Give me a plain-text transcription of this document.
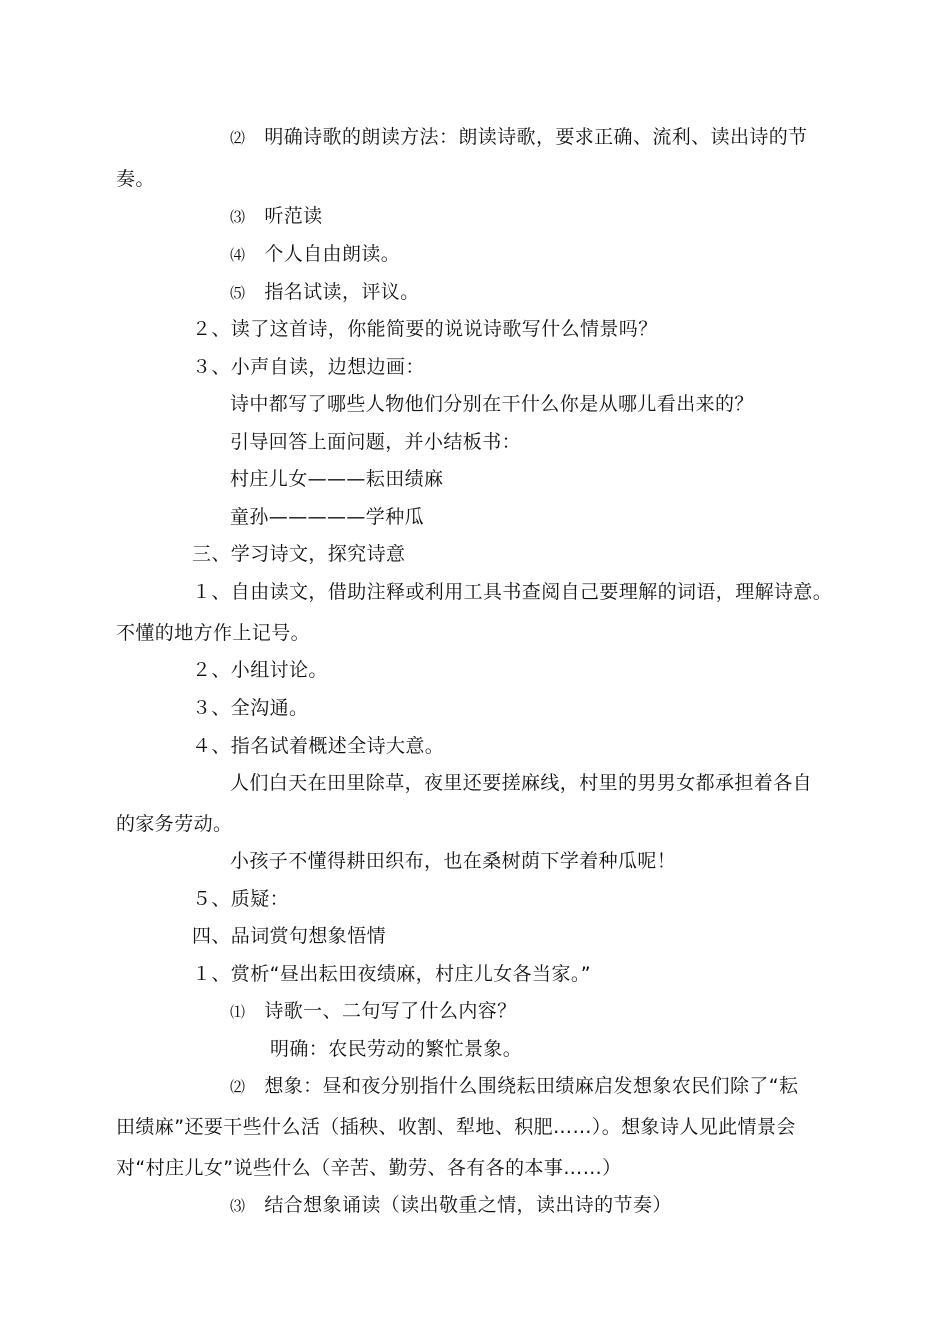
⑵ 明确诗歌的朗读方法：朗读诗歌，要求正确、流利、读出诗的节
奏。
⑶ 听范读
⑷ 个人自由朗读。
⑸ 指名试读，评议。
２、读了这首诗，你能简要的说说诗歌写什么情景吗？
３、小声自读，边想边画：
诗中都写了哪些人物他们分别在干什么你是从哪儿看出来的？
引导回答上面问题，并小结板书：
村庄儿女———耘田绩麻
童孙—————学种瓜
三、学习诗文，探究诗意
１、自由读文，借助注释或利用工具书查阅自己要理解的词语，理解诗意。
不懂的地方作上记号。
２、小组讨论。
３、全沟通。
４、指名试着概述全诗大意。
人们白天在田里除草，夜里还要搓麻线，村里的男男女都承担着各自
的家务劳动。
小孩子不懂得耕田织布，也在桑树荫下学着种瓜呢！
５、质疑：
四、品词赏句想象悟情
１、赏析“昼出耘田夜绩麻，村庄儿女各当家。”
⑴ 诗歌一、二句写了什么内容？
明确：农民劳动的繁忙景象。
⑵ 想象：昼和夜分别指什么围绕耘田绩麻启发想象农民们除了“耘
田绩麻”还要干些什么活（插秧、收割、犁地、积肥……）。想象诗人见此情景会
对“村庄儿女”说些什么（辛苦、勤劳、各有各的本事……）
⑶ 结合想象诵读（读出敬重之情，读出诗的节奏）
